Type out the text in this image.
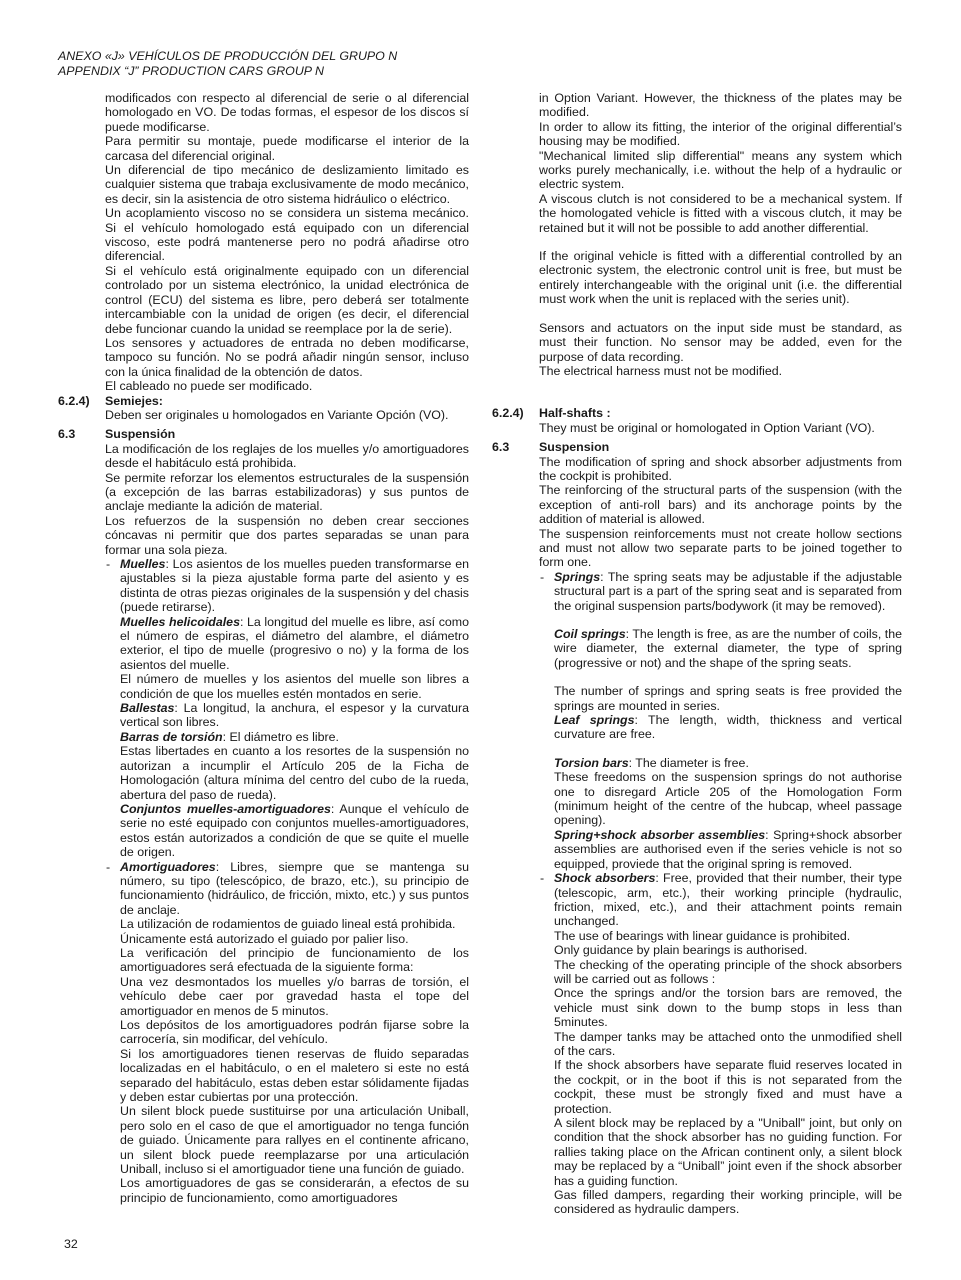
ANEXO «J» VEHÍCULOS DE PRODUCCIÓN DEL GRUPO N
APPENDIX “J” PRODUCTION CARS GROUP N

modificados con respecto al diferencial de serie o al diferencial homologado en VO. De todas formas, el espesor de los discos sí puede modificarse.

Para permitir su montaje, puede modificarse el interior de la carcasa del diferencial original.

Un diferencial de tipo mecánico de deslizamiento limitado es cualquier sistema que trabaja exclusivamente de modo mecánico, es decir, sin la asistencia de otro sistema hidráulico o eléctrico.

Un acoplamiento viscoso no se considera un sistema mecánico. Si el vehículo homologado está equipado con un diferencial viscoso, este podrá mantenerse pero no podrá añadirse otro diferencial.

Si el vehículo está originalmente equipado con un diferencial controlado por un sistema electrónico, la unidad electrónica de control (ECU) del sistema es libre, pero deberá ser totalmente intercambiable con la unidad de origen (es decir, el diferencial debe funcionar cuando la unidad se reemplace por la de serie).

Los sensores y actuadores de entrada no deben modificarse, tampoco su función. No se podrá añadir ningún sensor, incluso con la única finalidad de la obtención de datos.

El cableado no puede ser modificado.

6.2.4)	Semiejes:

Deben ser originales u homologados en Variante Opción (VO).

6.3	Suspensión

La modificación de los reglajes de los muelles y/o amortiguadores desde el habitáculo está prohibida.

Se permite reforzar los elementos estructurales de la suspensión (a excepción de las barras estabilizadoras) y sus puntos de anclaje mediante la adición de material.

Los refuerzos de la suspensión no deben crear secciones cóncavas ni permitir que dos partes separadas se unan para formar una sola pieza.

- Muelles: Los asientos de los muelles pueden transformarse en ajustables si la pieza ajustable forma parte del asiento y es distinta de otras piezas originales de la suspensión y del chasis (puede retirarse).

Muelles helicoidales: La longitud del muelle es libre, así como el número de espiras, el diámetro del alambre, el diámetro exterior, el tipo de muelle (progresivo o no) y la forma de los asientos del muelle.

El número de muelles y los asientos del muelle son libres a condición de que los muelles estén montados en serie.

Ballestas: La longitud, la anchura, el espesor y la curvatura vertical son libres.

Barras de torsión: El diámetro es libre.

Estas libertades en cuanto a los resortes de la suspensión no autorizan a incumplir el Artículo 205 de la Ficha de Homologación (altura mínima del centro del cubo de la rueda, abertura del paso de rueda).

Conjuntos muelles-amortiguadores: Aunque el vehículo de serie no esté equipado con conjuntos muelles-amortiguadores, estos están autorizados a condición de que se quite el muelle de origen.

- Amortiguadores: Libres, siempre que se mantenga su número, su tipo (telescópico, de brazo, etc.), su principio de funcionamiento (hidráulico, de fricción, mixto, etc.) y sus puntos de anclaje.

La utilización de rodamientos de guiado lineal está prohibida.

Únicamente está autorizado el guiado por palier liso.

La verificación del principio de funcionamiento de los amortiguadores será efectuada de la siguiente forma:

Una vez desmontados los muelles y/o barras de torsión, el vehículo debe caer por gravedad hasta el tope del amortiguador en menos de 5 minutos.

Los depósitos de los amortiguadores podrán fijarse sobre la carrocería, sin modificar, del vehículo.

Si los amortiguadores tienen reservas de fluido separadas localizadas en el habitáculo, o en el maletero si este no está separado del habitáculo, estas deben estar sólidamente fijadas y deben estar cubiertas por una protección.

Un silent block puede sustituirse por una articulación Uniball, pero solo en el caso de que el amortiguador no tenga función de guiado. Únicamente para rallyes en el continente africano, un silent block puede reemplazarse por una articulación Uniball, incluso si el amortiguador tiene una función de guiado.

Los amortiguadores de gas se considerarán, a efectos de su principio de funcionamiento, como amortiguadores

in Option Variant. However, the thickness of the plates may be modified.

In order to allow its fitting, the interior of the original differential’s housing may be modified.

"Mechanical limited slip differential" means any system which works purely mechanically, i.e. without the help of a hydraulic or electric system.

A viscous clutch is not considered to be a mechanical system. If the homologated vehicle is fitted with a viscous clutch, it may be retained but it will not be possible to add another differential.

If the original vehicle is fitted with a differential controlled by an electronic system, the electronic control unit is free, but must be entirely interchangeable with the original unit (i.e. the differential must work when the unit is replaced with the series unit).

Sensors and actuators on the input side must be standard, as must their function. No sensor may be added, even for the purpose of data recording.

The electrical harness must not be modified.

6.2.4)	Half-shafts :

They must be original or homologated in Option Variant (VO).

6.3	Suspension

The modification of spring and shock absorber adjustments from the cockpit is prohibited.

The reinforcing of the structural parts of the suspension (with the exception of anti-roll bars) and its anchorage points by the addition of material is allowed.

The suspension reinforcements must not create hollow sections and must not allow two separate parts to be joined together to form one.

- Springs: The spring seats may be adjustable if the adjustable structural part is a part of the spring seat and is separated from the original suspension parts/bodywork (it may be removed).

Coil springs: The length is free, as are the number of coils, the wire diameter, the external diameter, the type of spring (progressive or not) and the shape of the spring seats.

The number of springs and spring seats is free provided the springs are mounted in series.

Leaf springs: The length, width, thickness and vertical curvature are free.

Torsion bars: The diameter is free.

These freedoms on the suspension springs do not authorise one to disregard Article 205 of the Homologation Form (minimum height of the centre of the hubcap, wheel passage opening).

Spring+shock absorber assemblies: Spring+shock absorber assemblies are authorised even if the series vehicle is not so equipped, proviede that the original spring is removed.

- Shock absorbers: Free, provided that their number, their type (telescopic, arm, etc.), their working principle (hydraulic, friction, mixed, etc.), and their attachment points remain unchanged.

The use of bearings with linear guidance is prohibited.

Only guidance by plain bearings is authorised.

The checking of the operating principle of the shock absorbers will be carried out as follows :

Once the springs and/or the torsion bars are removed, the vehicle must sink down to the bump stops in less than 5minutes.

The damper tanks may be attached onto the unmodified shell of the cars.

If the shock absorbers have separate fluid reserves located in the cockpit, or in the boot if this is not separated from the cockpit, these must be strongly fixed and must have a protection.

A silent block may be replaced by a "Uniball" joint, but only on condition that the shock absorber has no guiding function. For rallies taking place on the African continent only, a silent block may be replaced by a “Uniball” joint even if the shock absorber has a guiding function.

Gas filled dampers, regarding their working principle, will be considered as hydraulic dampers.

32
